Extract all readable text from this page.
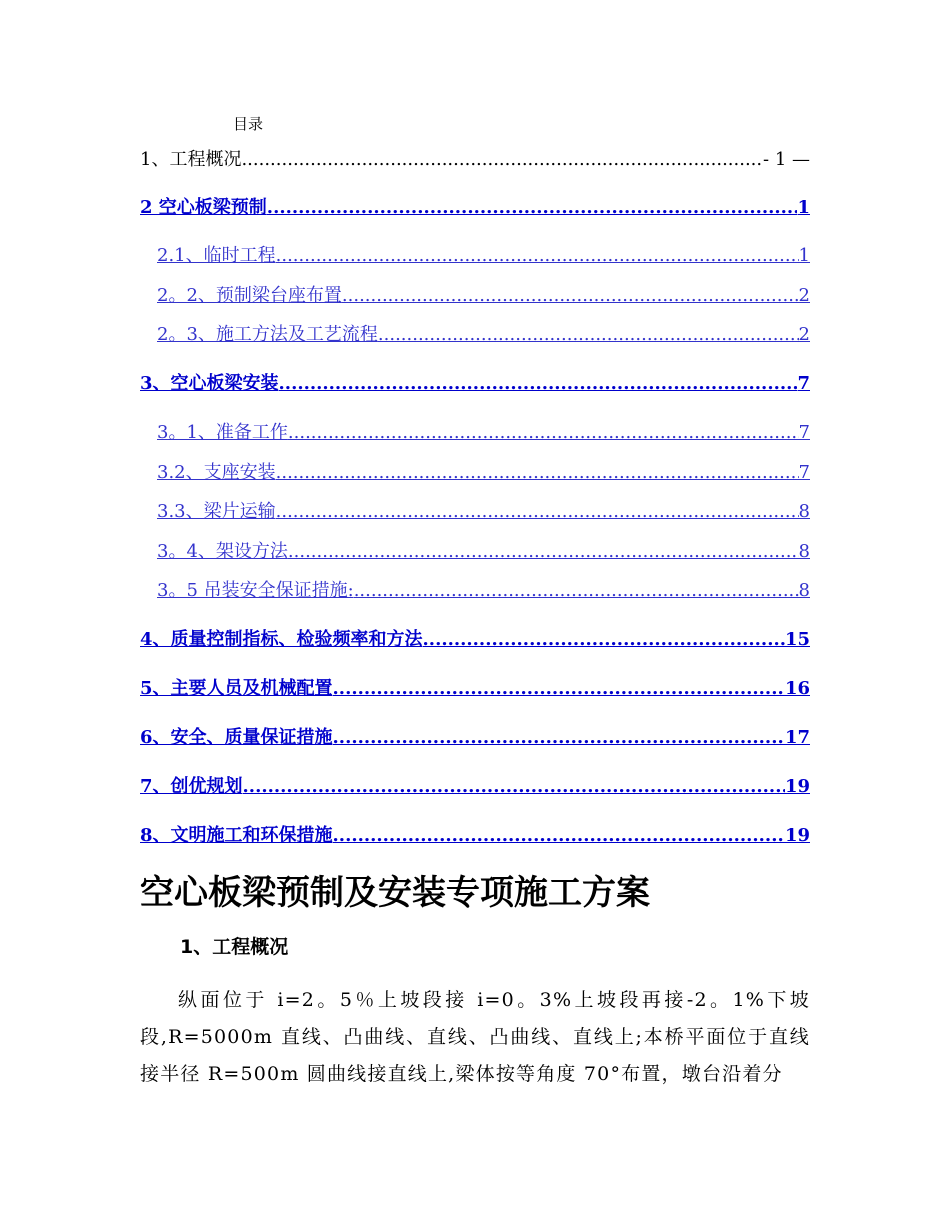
目录
1、工程概况 .....	- 1 —
2 空心板梁预制 .....	1
2.1、临时工程 .....	1
2。2、预制梁台座布置 .....	2
2。3、施工方法及工艺流程 .....	2
3、空心板梁安装 .....	7
3。1、准备工作 .....	7
3.2、支座安装 .....	7
3.3、梁片运输 .....	8
3。4、架设方法 .....	8
3。5 吊装安全保证措施: .....	8
4、质量控制指标、检验频率和方法 .....	15
5、主要人员及机械配置 .....	16
6、安全、质量保证措施 .....	17
7、创优规划 .....	19
8、文明施工和环保措施 .....	19
空心板梁预制及安装专项施工方案
1、工程概况
纵面位于 i=2。5％上坡段接 i=0。3%上坡段再接-2。1%下坡段,R=5000m 直线、凸曲线、直线、凸曲线、直线上;本桥平面位于直线接半径 R=500m 圆曲线接直线上,梁体按等角度 70°布置，墩台沿着分
